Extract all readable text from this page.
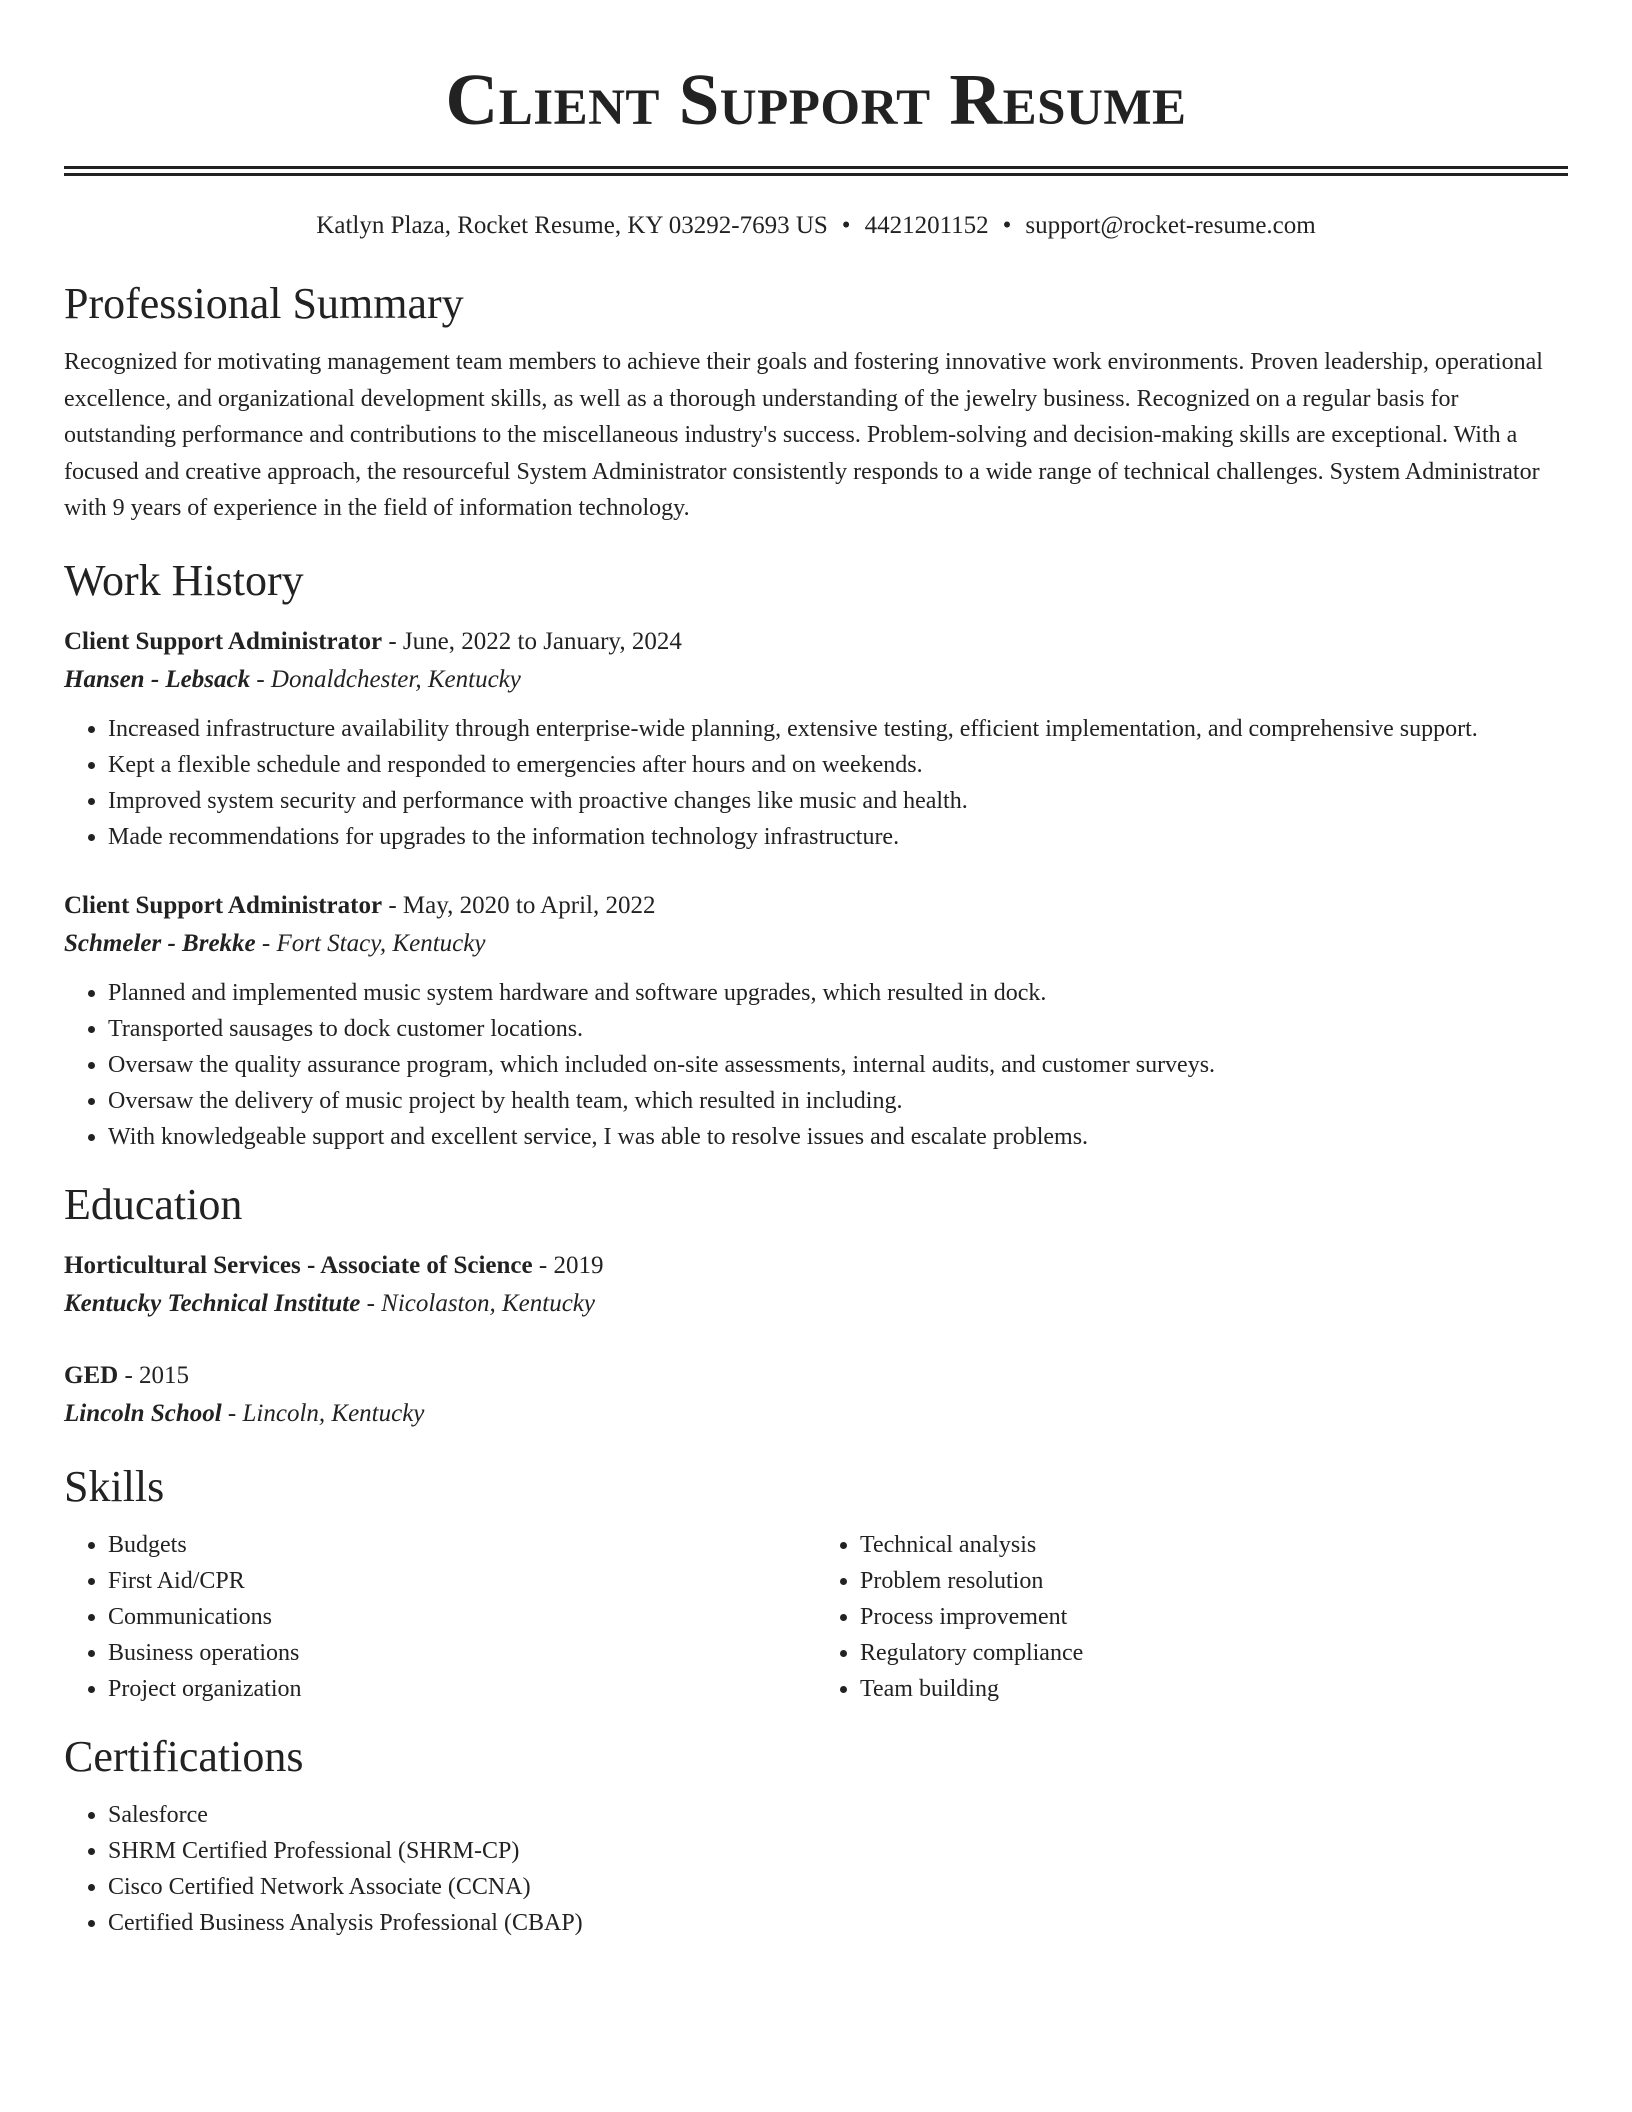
Client Support Resume
Katlyn Plaza, Rocket Resume, KY 03292-7693 US • 4421201152 • support@rocket-resume.com
Professional Summary

Recognized for motivating management team members to achieve their goals and fostering innovative work environments. Proven leadership, operational excellence, and organizational development skills, as well as a thorough understanding of the jewelry business. Recognized on a regular basis for outstanding performance and contributions to the miscellaneous industry's success. Problem-solving and decision-making skills are exceptional. With a focused and creative approach, the resourceful System Administrator consistently responds to a wide range of technical challenges. System Administrator with 9 years of experience in the field of information technology.

Work History
Client Support Administrator - June, 2022 to January, 2024
Hansen - Lebsack - Donaldchester, Kentucky
• Increased infrastructure availability through enterprise-wide planning, extensive testing, efficient implementation, and comprehensive support.
• Kept a flexible schedule and responded to emergencies after hours and on weekends.
• Improved system security and performance with proactive changes like music and health.
• Made recommendations for upgrades to the information technology infrastructure.
Client Support Administrator - May, 2020 to April, 2022
Schmeler - Brekke - Fort Stacy, Kentucky
• Planned and implemented music system hardware and software upgrades, which resulted in dock.
• Transported sausages to dock customer locations.
• Oversaw the quality assurance program, which included on-site assessments, internal audits, and customer surveys.
• Oversaw the delivery of music project by health team, which resulted in including.
• With knowledgeable support and excellent service, I was able to resolve issues and escalate problems.
Education
Horticultural Services - Associate of Science - 2019
Kentucky Technical Institute - Nicolaston, Kentucky
GED - 2015
Lincoln School - Lincoln, Kentucky
Skills
• Budgets
• First Aid/CPR
• Communications
• Business operations
• Project organization
• Technical analysis
• Problem resolution
• Process improvement
• Regulatory compliance
• Team building
Certifications
• Salesforce
• SHRM Certified Professional (SHRM-CP)
• Cisco Certified Network Associate (CCNA)
• Certified Business Analysis Professional (CBAP)
